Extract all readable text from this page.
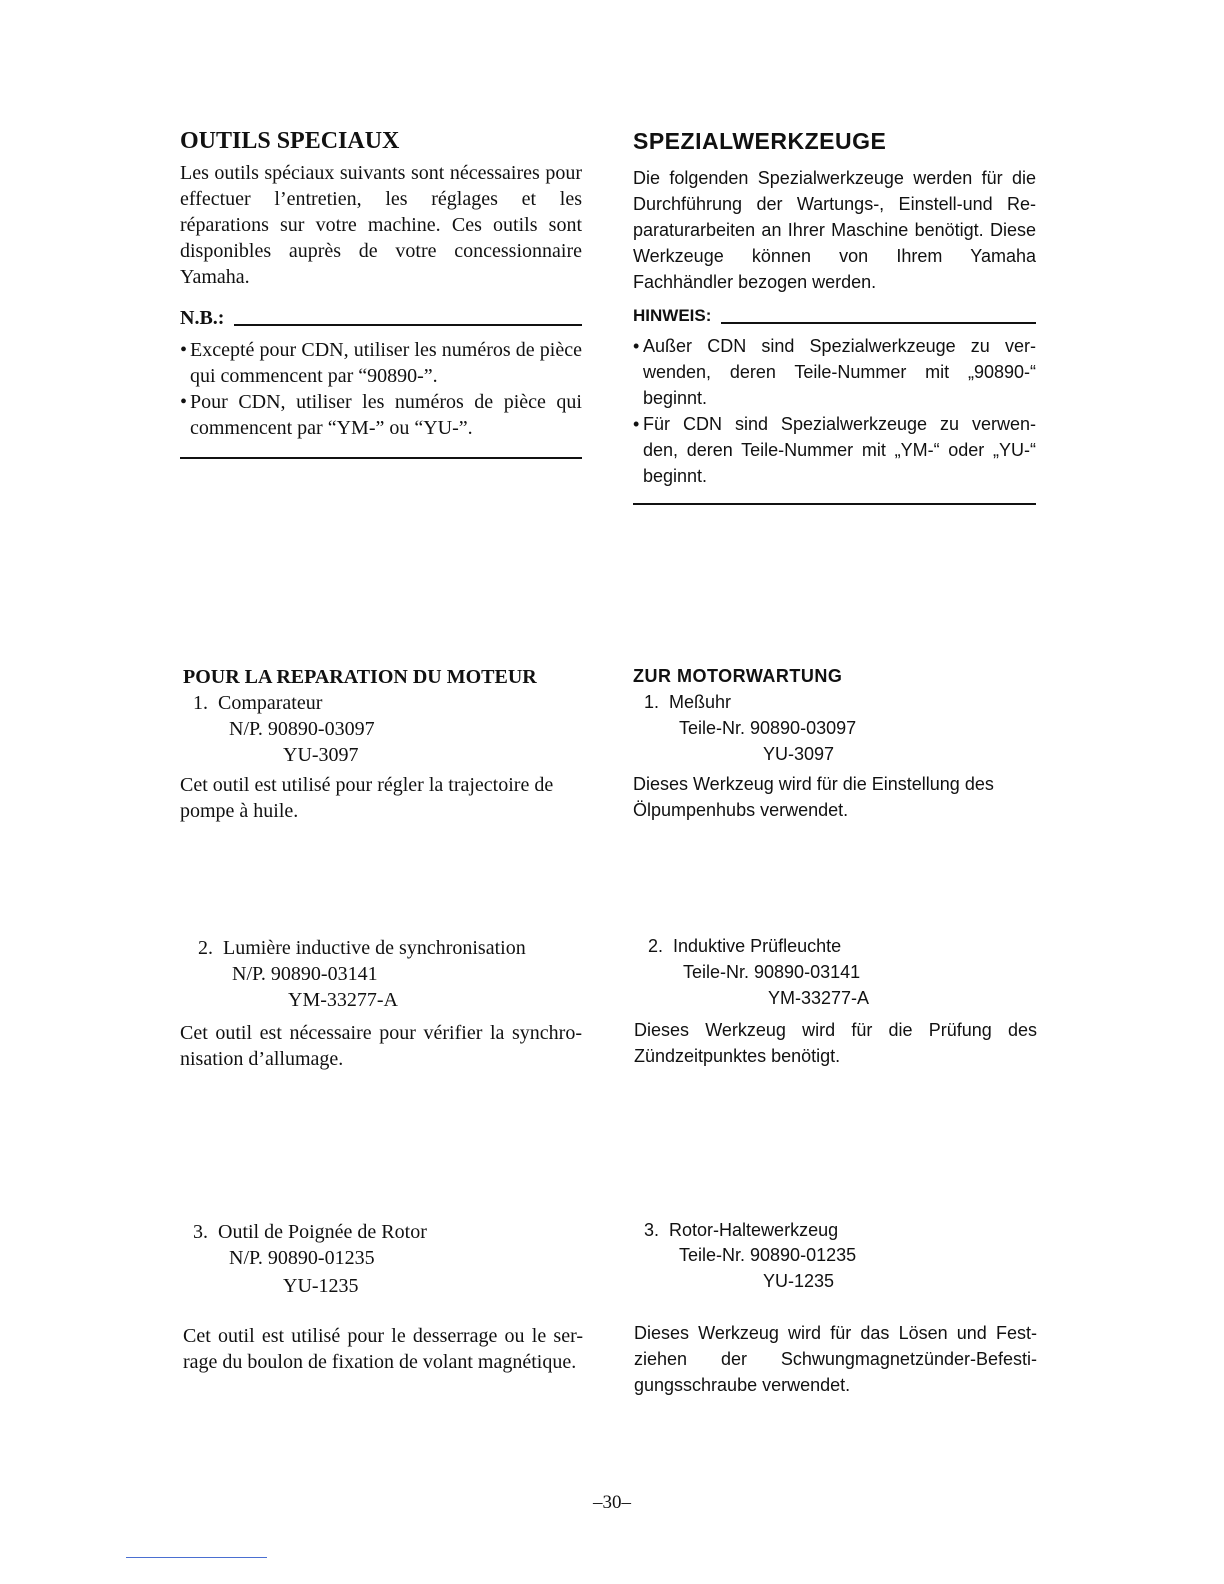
OUTILS SPECIAUX
Les outils spéciaux suivants sont nécessaires pour effectuer l’entretien, les réglages et les réparations sur votre machine. Ces outils sont disponibles auprès de votre concessionnaire Yamaha.
N.B.:
• Excepté pour CDN, utiliser les numéros de pièce qui commencent par “90890-”.
• Pour CDN, utiliser les numéros de pièce qui commencent par “YM-” ou “YU-”.
POUR LA REPARATION DU MOTEUR
1. Comparateur
N/P. 90890-03097
YU-3097
Cet outil est utilisé pour régler la trajectoire de pompe à huile.
2. Lumière inductive de synchronisation
N/P. 90890-03141
YM-33277-A
Cet outil est nécessaire pour vérifier la synchro- nisation d’allumage.
3. Outil de Poignée de Rotor
N/P. 90890-01235
YU-1235
Cet outil est utilisé pour le desserrage ou le ser- rage du boulon de fixation de volant magnétique.
SPEZIALWERKZEUGE
Die folgenden Spezialwerkzeuge werden für die Durchführung der Wartungs-, Einstell-und Re- paraturarbeiten an Ihrer Maschine benötigt. Diese Werkzeuge können von Ihrem Yamaha Fachhändler bezogen werden.
HINWEIS:
• Außer CDN sind Spezialwerkzeuge zu ver- wenden, deren Teile-Nummer mit „90890-“ beginnt.
• Für CDN sind Spezialwerkzeuge zu verwen- den, deren Teile-Nummer mit „YM-“ oder „YU-“ beginnt.
ZUR MOTORWARTUNG
1. Meßuhr
Teile-Nr. 90890-03097
YU-3097
Dieses Werkzeug wird für die Einstellung des Ölpumpenhubs verwendet.
2. Induktive Prüfleuchte
Teile-Nr. 90890-03141
YM-33277-A
Dieses Werkzeug wird für die Prüfung des Zündzeitpunktes benötigt.
3. Rotor-Haltewerkzeug
Teile-Nr. 90890-01235
YU-1235
Dieses Werkzeug wird für das Lösen und Fest- ziehen der Schwungmagnetzünder-Befesti- gungsschraube verwendet.
–30–
